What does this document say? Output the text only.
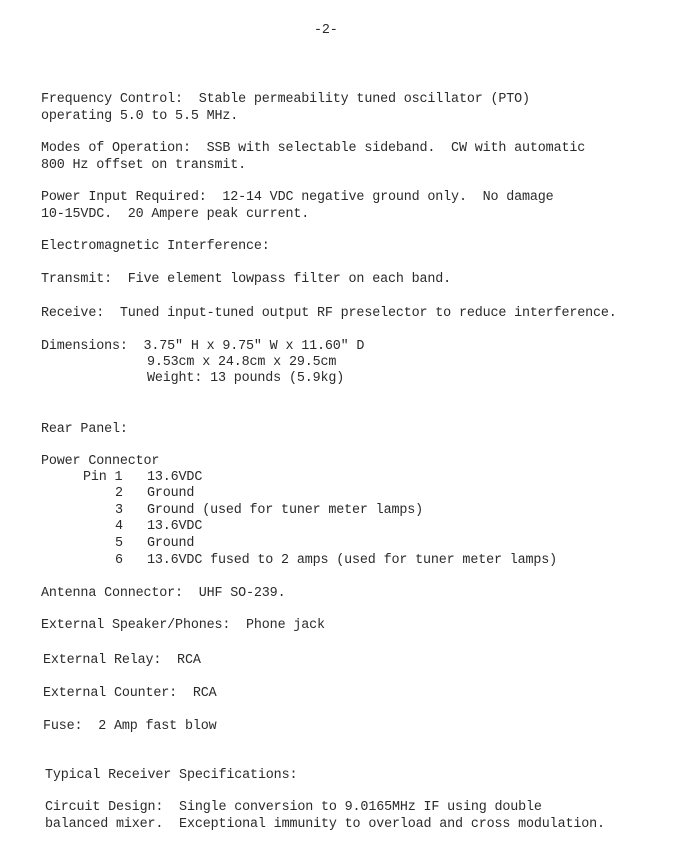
-2-
Frequency Control:  Stable permeability tuned oscillator (PTO)
operating 5.0 to 5.5 MHz.
Modes of Operation:  SSB with selectable sideband.  CW with automatic
800 Hz offset on transmit.
Power Input Required:  12-14 VDC negative ground only.  No damage
10-15VDC.  20 Ampere peak current.
Electromagnetic Interference:
Transmit:  Five element lowpass filter on each band.
Receive:  Tuned input-tuned output RF preselector to reduce interference.
Dimensions:  3.75" H x 9.75" W x 11.60" D
9.53cm x 24.8cm x 29.5cm
Weight: 13 pounds (5.9kg)
Rear Panel:
Power Connector
Pin 1 13.6VDC
2 Ground
3 Ground (used for tuner meter lamps)
4 13.6VDC
5 Ground
6 13.6VDC fused to 2 amps (used for tuner meter lamps)
Antenna Connector:  UHF SO-239.
External Speaker/Phones:  Phone jack
External Relay:  RCA
External Counter:  RCA
Fuse:  2 Amp fast blow
Typical Receiver Specifications:
Circuit Design:  Single conversion to 9.0165MHz IF using double
balanced mixer.  Exceptional immunity to overload and cross modulation.
